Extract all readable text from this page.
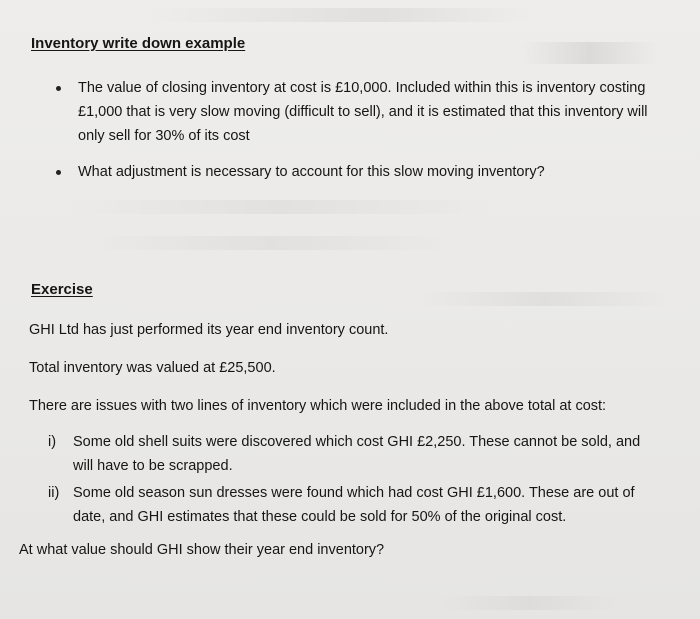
Inventory write down example
The value of closing inventory at cost is £10,000. Included within this is inventory costing
£1,000 that is very slow moving (difficult to sell), and it is estimated that this inventory will
only sell for 30% of its cost
What adjustment is necessary to account for this slow moving inventory?
Exercise

GHI Ltd has just performed its year end inventory count.

Total inventory was valued at £25,500.

There are issues with two lines of inventory which were included in the above total at cost:

i) Some old shell suits were discovered which cost GHI £2,250. These cannot be sold, and
will have to be scrapped.
ii) Some old season sun dresses were found which had cost GHI £1,600. These are out of
date, and GHI estimates that these could be sold for 50% of the original cost.

At what value should GHI show their year end inventory?
